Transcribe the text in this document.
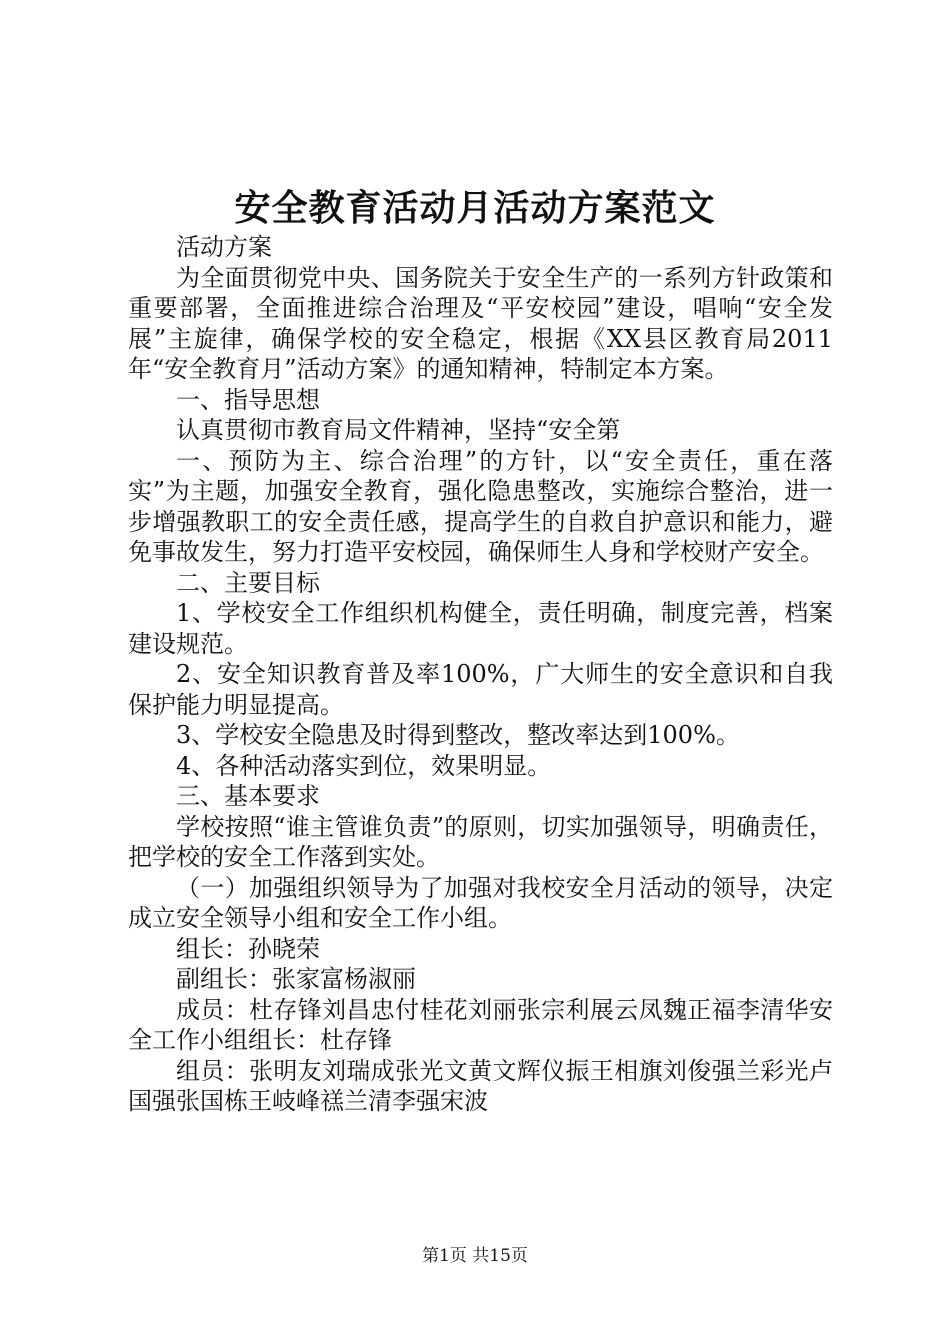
安全教育活动月活动方案范文

活动方案

为全面贯彻党中央、国务院关于安全生产的一系列方针政策和重要部署，全面推进综合治理及“平安校园”建设，唱响“安全发展”主旋律，确保学校的安全稳定，根据《XX县区教育局2011年“安全教育月”活动方案》的通知精神，特制定本方案。

一、指导思想

认真贯彻市教育局文件精神，坚持“安全第

一、预防为主、综合治理”的方针，以“安全责任，重在落实”为主题，加强安全教育，强化隐患整改，实施综合整治，进一步增强教职工的安全责任感，提高学生的自救自护意识和能力，避免事故发生，努力打造平安校园，确保师生人身和学校财产安全。

二、主要目标

1、学校安全工作组织机构健全，责任明确，制度完善，档案建设规范。

2、安全知识教育普及率100%，广大师生的安全意识和自我保护能力明显提高。

3、学校安全隐患及时得到整改，整改率达到100%。

4、各种活动落实到位，效果明显。

三、基本要求

学校按照“谁主管谁负责”的原则，切实加强领导，明确责任，把学校的安全工作落到实处。

（一）加强组织领导为了加强对我校安全月活动的领导，决定成立安全领导小组和安全工作小组。

组长：孙晓荣

副组长：张家富杨淑丽

成员：杜存锋刘昌忠付桂花刘丽张宗利展云凤魏正福李清华安全工作小组组长：杜存锋

组员：张明友刘瑞成张光文黄文辉仪振王相旗刘俊强兰彩光卢国强张国栋王岐峰禚兰清李强宋波

第1页 共15页
